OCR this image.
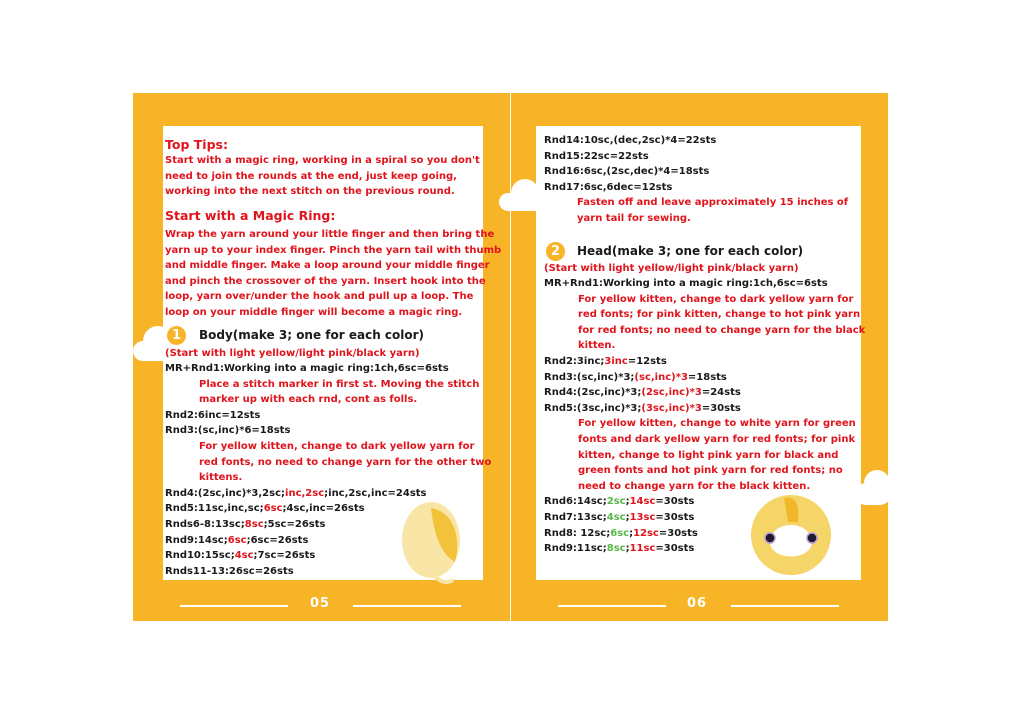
05	06
Top Tips:
Start with a magic ring, working in a spiral so you don't
need to join the rounds at the end, just keep going,
working into the next stitch on the previous round.
Start with a Magic Ring:
Wrap the yarn around your little finger and then bring the
yarn up to your index finger. Pinch the yarn tail with thumb
and middle finger. Make a loop around your middle finger
and pinch the crossover of the yarn. Insert hook into the
loop, yarn over/under the hook and pull up a loop. The
loop on your middle finger will become a magic ring.
1	Body(make 3; one for each color)
(Start with light yellow/light pink/black yarn)
MR+Rnd1:Working into a magic ring:1ch,6sc=6sts
Place a stitch marker in first st. Moving the stitch
marker up with each rnd, cont as folls.
Rnd2:6inc=12sts
Rnd3:(sc,inc)*6=18sts
For yellow kitten, change to dark yellow yarn for
red fonts, no need to change yarn for the other two
kittens.
Rnd4:(2sc,inc)*3,2sc;inc,2sc;inc,2sc,inc=24sts
Rnd5:11sc,inc,sc;6sc;4sc,inc=26sts
Rnds6-8:13sc;8sc;5sc=26sts
Rnd9:14sc;6sc;6sc=26sts
Rnd10:15sc;4sc;7sc=26sts
Rnds11-13:26sc=26sts
Rnd14:10sc,(dec,2sc)*4=22sts
Rnd15:22sc=22sts
Rnd16:6sc,(2sc,dec)*4=18sts
Rnd17:6sc,6dec=12sts
Fasten off and leave approximately 15 inches of
yarn tail for sewing.
2	Head(make 3; one for each color)
(Start with light yellow/light pink/black yarn)
MR+Rnd1:Working into a magic ring:1ch,6sc=6sts
For yellow kitten, change to dark yellow yarn for
red fonts; for pink kitten, change to hot pink yarn
for red fonts; no need to change yarn for the black
kitten.
Rnd2:3inc;3inc=12sts
Rnd3:(sc,inc)*3;(sc,inc)*3=18sts
Rnd4:(2sc,inc)*3;(2sc,inc)*3=24sts
Rnd5:(3sc,inc)*3;(3sc,inc)*3=30sts
For yellow kitten, change to white yarn for green
fonts and dark yellow yarn for red fonts; for pink
kitten, change to light pink yarn for black and
green fonts and hot pink yarn for red fonts; no
need to change yarn for the black kitten.
Rnd6:14sc;2sc;14sc=30sts
Rnd7:13sc;4sc;13sc=30sts
Rnd8: 12sc;6sc;12sc=30sts
Rnd9:11sc;8sc;11sc=30sts
